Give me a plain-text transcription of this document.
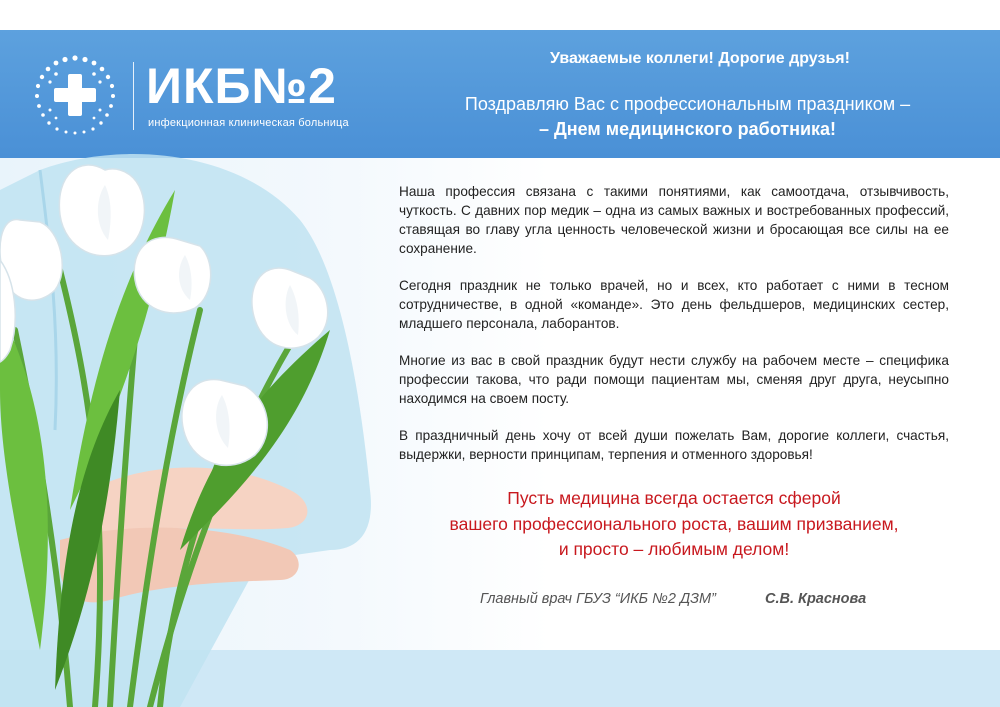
ИКБ№2
инфекционная клиническая больница
Уважаемые коллеги! Дорогие друзья!
Поздравляю Вас с профессиональным праздником –
– Днем медицинского работника!

Наша профессия связана с такими понятиями, как самоотдача, отзывчивость, чуткость. С давних пор медик – одна из самых важных и востребованных профессий, ставящая во главу угла ценность человеческой жизни и бросающая все силы на ее сохранение.

Сегодня праздник не только врачей, но и всех, кто работает с ними в тесном сотрудничестве, в одной «команде». Это день фельдшеров, медицинских сестер, младшего персонала, лаборантов.

Многие из вас в свой праздник будут нести службу на рабочем месте – специфика профессии такова, что ради помощи пациентам мы, сменяя друг друга, неусыпно находимся на своем посту.

В праздничный день хочу от всей души пожелать Вам, дорогие коллеги, счастья, выдержки, верности принципам, терпения и отменного здоровья!

Пусть медицина всегда остается сферой
вашего профессионального роста, вашим призванием,
и просто – любимым делом!
Главный врач ГБУЗ “ИКБ №2 ДЗМ”	С.В. Краснова
